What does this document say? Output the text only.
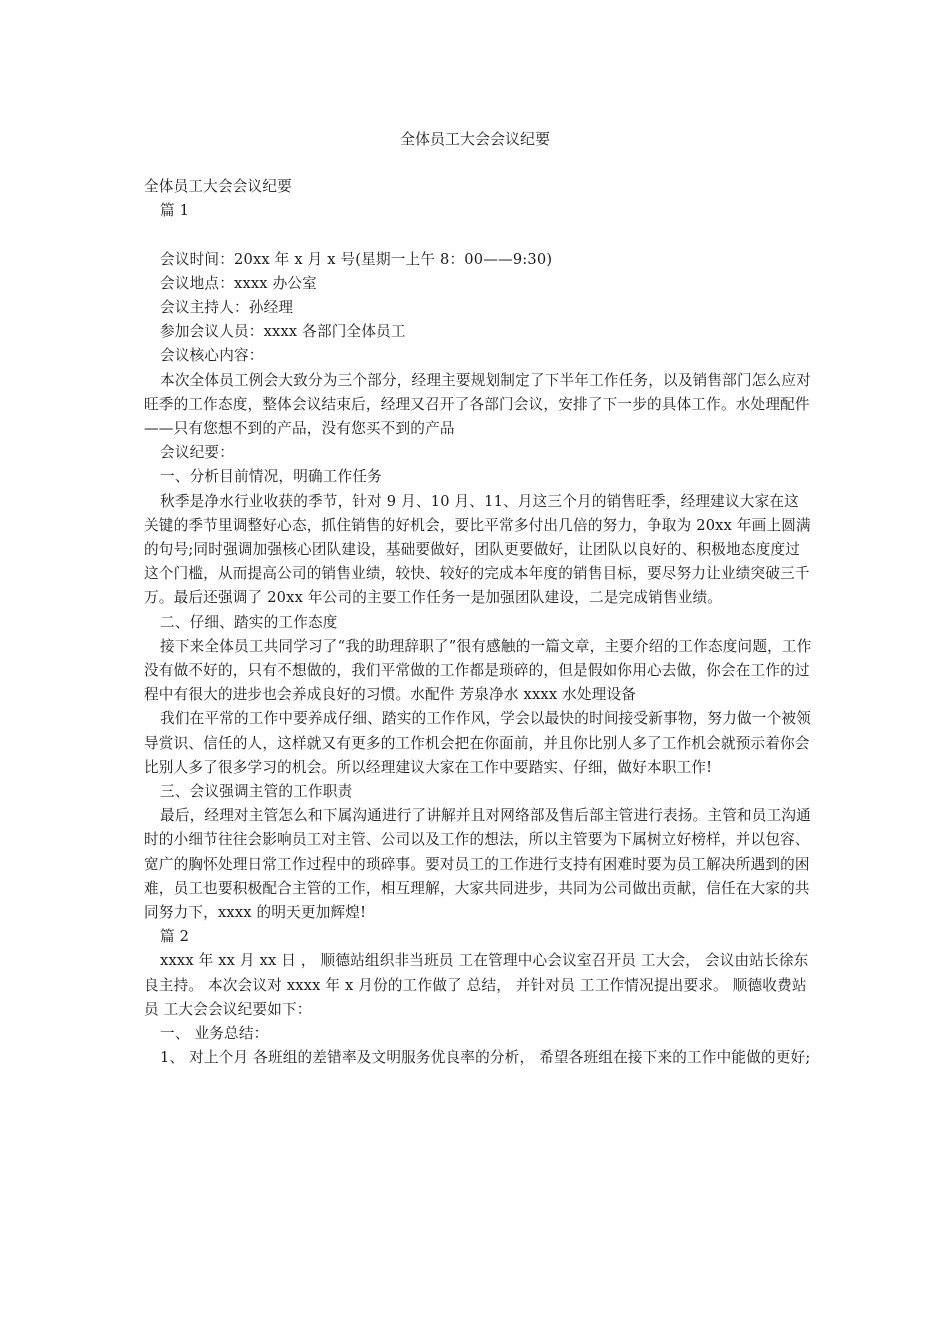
全体员工大会会议纪要

全体员工大会会议纪要

篇 1

会议时间：20xx 年 x 月 x 号(星期一上午 8：00——9:30)

会议地点：xxxx 办公室

会议主持人：孙经理

参加会议人员：xxxx 各部门全体员工

会议核心内容：

本次全体员工例会大致分为三个部分，经理主要规划制定了下半年工作任务，以及销售部门怎么应对旺季的工作态度，整体会议结束后，经理又召开了各部门会议，安排了下一步的具体工作。水处理配件——只有您想不到的产品，没有您买不到的产品

会议纪要：

一、分析目前情况，明确工作任务

秋季是净水行业收获的季节，针对 9 月、10 月、11、月这三个月的销售旺季，经理建议大家在这关键的季节里调整好心态，抓住销售的好机会，要比平常多付出几倍的努力，争取为 20xx 年画上圆满的句号;同时强调加强核心团队建设，基础要做好，团队更要做好，让团队以良好的、积极地态度度过这个门槛，从而提高公司的销售业绩，较快、较好的完成本年度的销售目标，要尽努力让业绩突破三千万。最后还强调了 20xx 年公司的主要工作任务一是加强团队建设，二是完成销售业绩。

二、仔细、踏实的工作态度

接下来全体员工共同学习了“我的助理辞职了”很有感触的一篇文章，主要介绍的工作态度问题，工作没有做不好的，只有不想做的，我们平常做的工作都是琐碎的，但是假如你用心去做，你会在工作的过程中有很大的进步也会养成良好的习惯。水配件 芳泉净水 xxxx 水处理设备

我们在平常的工作中要养成仔细、踏实的工作作风，学会以最快的时间接受新事物，努力做一个被领导赏识、信任的人，这样就又有更多的工作机会把在你面前，并且你比别人多了工作机会就预示着你会比别人多了很多学习的机会。所以经理建议大家在工作中要踏实、仔细，做好本职工作!

三、会议强调主管的工作职责

最后，经理对主管怎么和下属沟通进行了讲解并且对网络部及售后部主管进行表扬。主管和员工沟通时的小细节往往会影响员工对主管、公司以及工作的想法，所以主管要为下属树立好榜样，并以包容、宽广的胸怀处理日常工作过程中的琐碎事。要对员工的工作进行支持有困难时要为员工解决所遇到的困难，员工也要积极配合主管的工作，相互理解，大家共同进步，共同为公司做出贡献，信任在大家的共同努力下，xxxx 的明天更加辉煌!

篇 2

xxxx 年 xx 月 xx 日 ， 顺德站组织非当班员 工在管理中心会议室召开员 工大会， 会议由站长徐东良主持。 本次会议对 xxxx 年 x 月份的工作做了 总结， 并针对员 工工作情况提出要求。 顺德收费站员 工大会会议纪要如下：

一、 业务总结：

1、 对上个月 各班组的差错率及文明服务优良率的分析， 希望各班组在接下来的工作中能做的更好;
